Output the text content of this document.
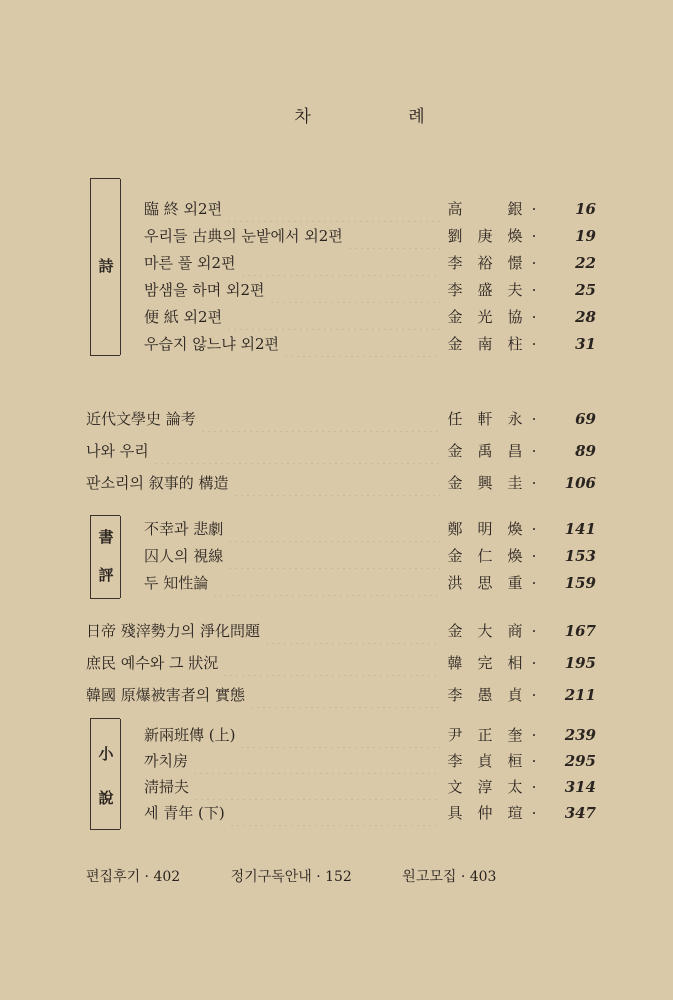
차 례
詩
臨 終 외2편	高	銀 ·	16
우리들 古典의 눈밭에서 외2편	劉 庚 煥 ·	19
마른 풀 외2편	李 裕 憬 ·	22
밤샘을 하며 외2편	李 盛 夫 ·	25
便 紙 외2편	金 光 協 ·	28
우습지 않느냐 외2편	金 南 柱 ·	31
近代文學史 論考	任 軒 永 ·	69
나와 우리	金 禹 昌 ·	89
판소리의 叙事的 構造	金 興 圭 ·	106
書
評
不幸과 悲劇	鄭 明 煥 ·	141
囚人의 視線	金 仁 煥 ·	153
두 知性論	洪 思 重 ·	159
日帝 殘滓勢力의 淨化問題	金 大 商 ·	167
庶民 예수와 그 狀況	韓 完 相 ·	195
韓國 原爆被害者의 實態	李 愚 貞 ·	211
小
說
新兩班傳 (上)	尹 正 奎 ·	239
까치房	李 貞 桓 ·	295
淸掃夫	文 淳 太 ·	314
세 青年 (下)	具 仲 瑄 ·	347
편집후기 · 402	정기구독안내 · 152	원고모집 · 403
